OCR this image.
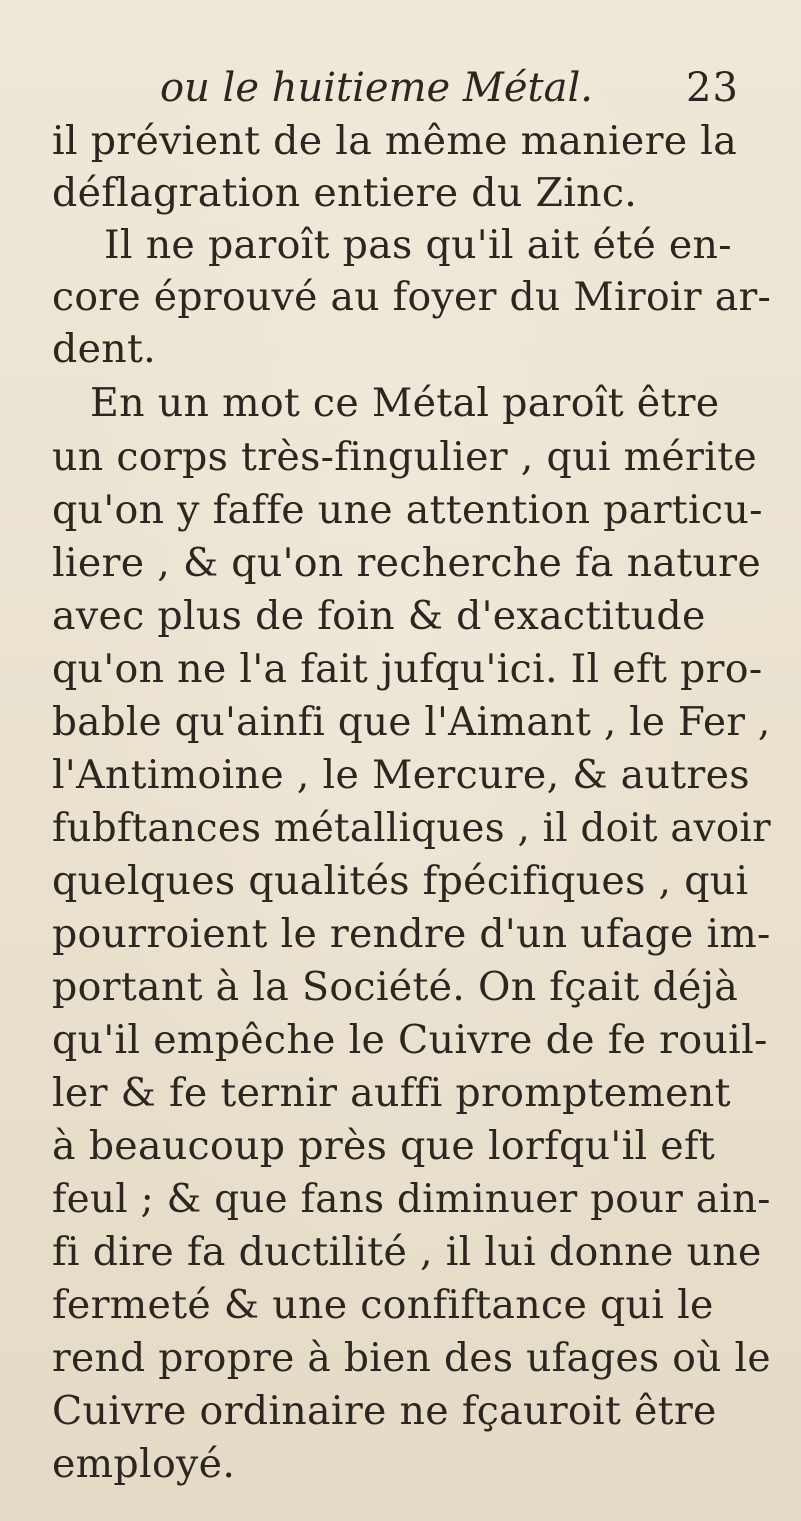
ou le huitieme Métal. 23
il prévient de la même maniere la
déflagration entiere du Zinc.
Il ne paroît pas qu'il ait été en-
core éprouvé au foyer du Miroir ar-
dent.
En un mot ce Métal paroît être
un corps très-fingulier , qui mérite
qu'on y faffe une attention particu-
liere , & qu'on recherche fa nature
avec plus de foin & d'exactitude
qu'on ne l'a fait jufqu'ici. Il eft pro-
bable qu'ainfi que l'Aimant , le Fer ,
l'Antimoine , le Mercure, & autres
fubftances métalliques , il doit avoir
quelques qualités fpécifiques , qui
pourroient le rendre d'un ufage im-
portant à la Société. On fçait déjà
qu'il empêche le Cuivre de fe rouil-
ler & fe ternir auffi promptement
à beaucoup près que lorfqu'il eft
feul ; & que fans diminuer pour ain-
fi dire fa ductilité , il lui donne une
fermeté & une confiftance qui le
rend propre à bien des ufages où le
Cuivre ordinaire ne fçauroit être
employé.
